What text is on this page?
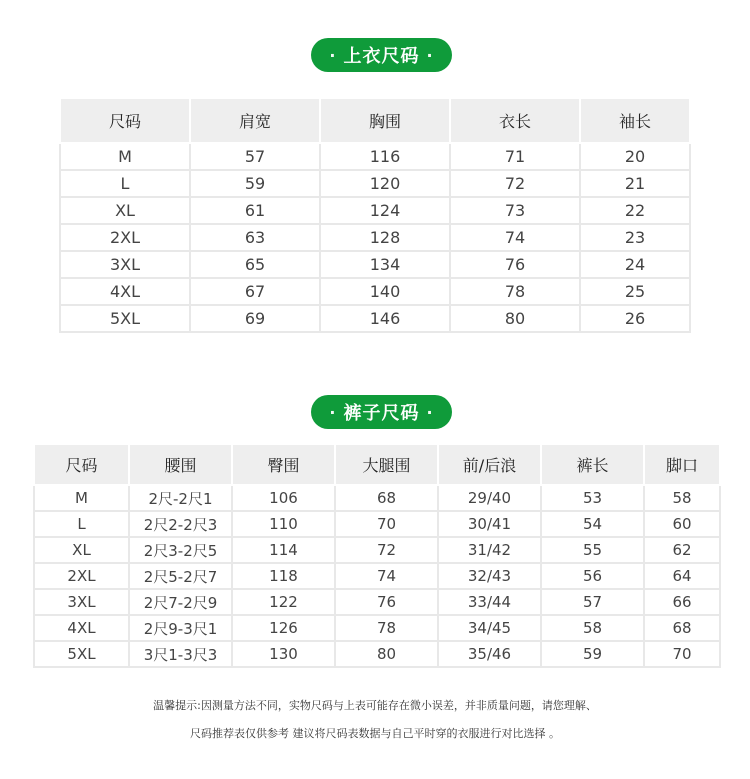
· 上衣尺码 ·
尺码	肩宽	胸围	衣长	袖长
M	57	116	71	20
L	59	120	72	21
XL	61	124	73	22
2XL	63	128	74	23
3XL	65	134	76	24
4XL	67	140	78	25
5XL	69	146	80	26
· 裤子尺码 ·
尺码	腰围	臀围	大腿围	前/后浪	裤长	脚口
M	2尺-2尺1	106	68	29/40	53	58
L	2尺2-2尺3	110	70	30/41	54	60
XL	2尺3-2尺5	114	72	31/42	55	62
2XL	2尺5-2尺7	118	74	32/43	56	64
3XL	2尺7-2尺9	122	76	33/44	57	66
4XL	2尺9-3尺1	126	78	34/45	58	68
5XL	3尺1-3尺3	130	80	35/46	59	70
温馨提示:因测量方法不同，实物尺码与上表可能存在微小误差，并非质量问题，请您理解、
尺码推荐表仅供参考 建议将尺码表数据与自己平时穿的衣服进行对比选择 。
